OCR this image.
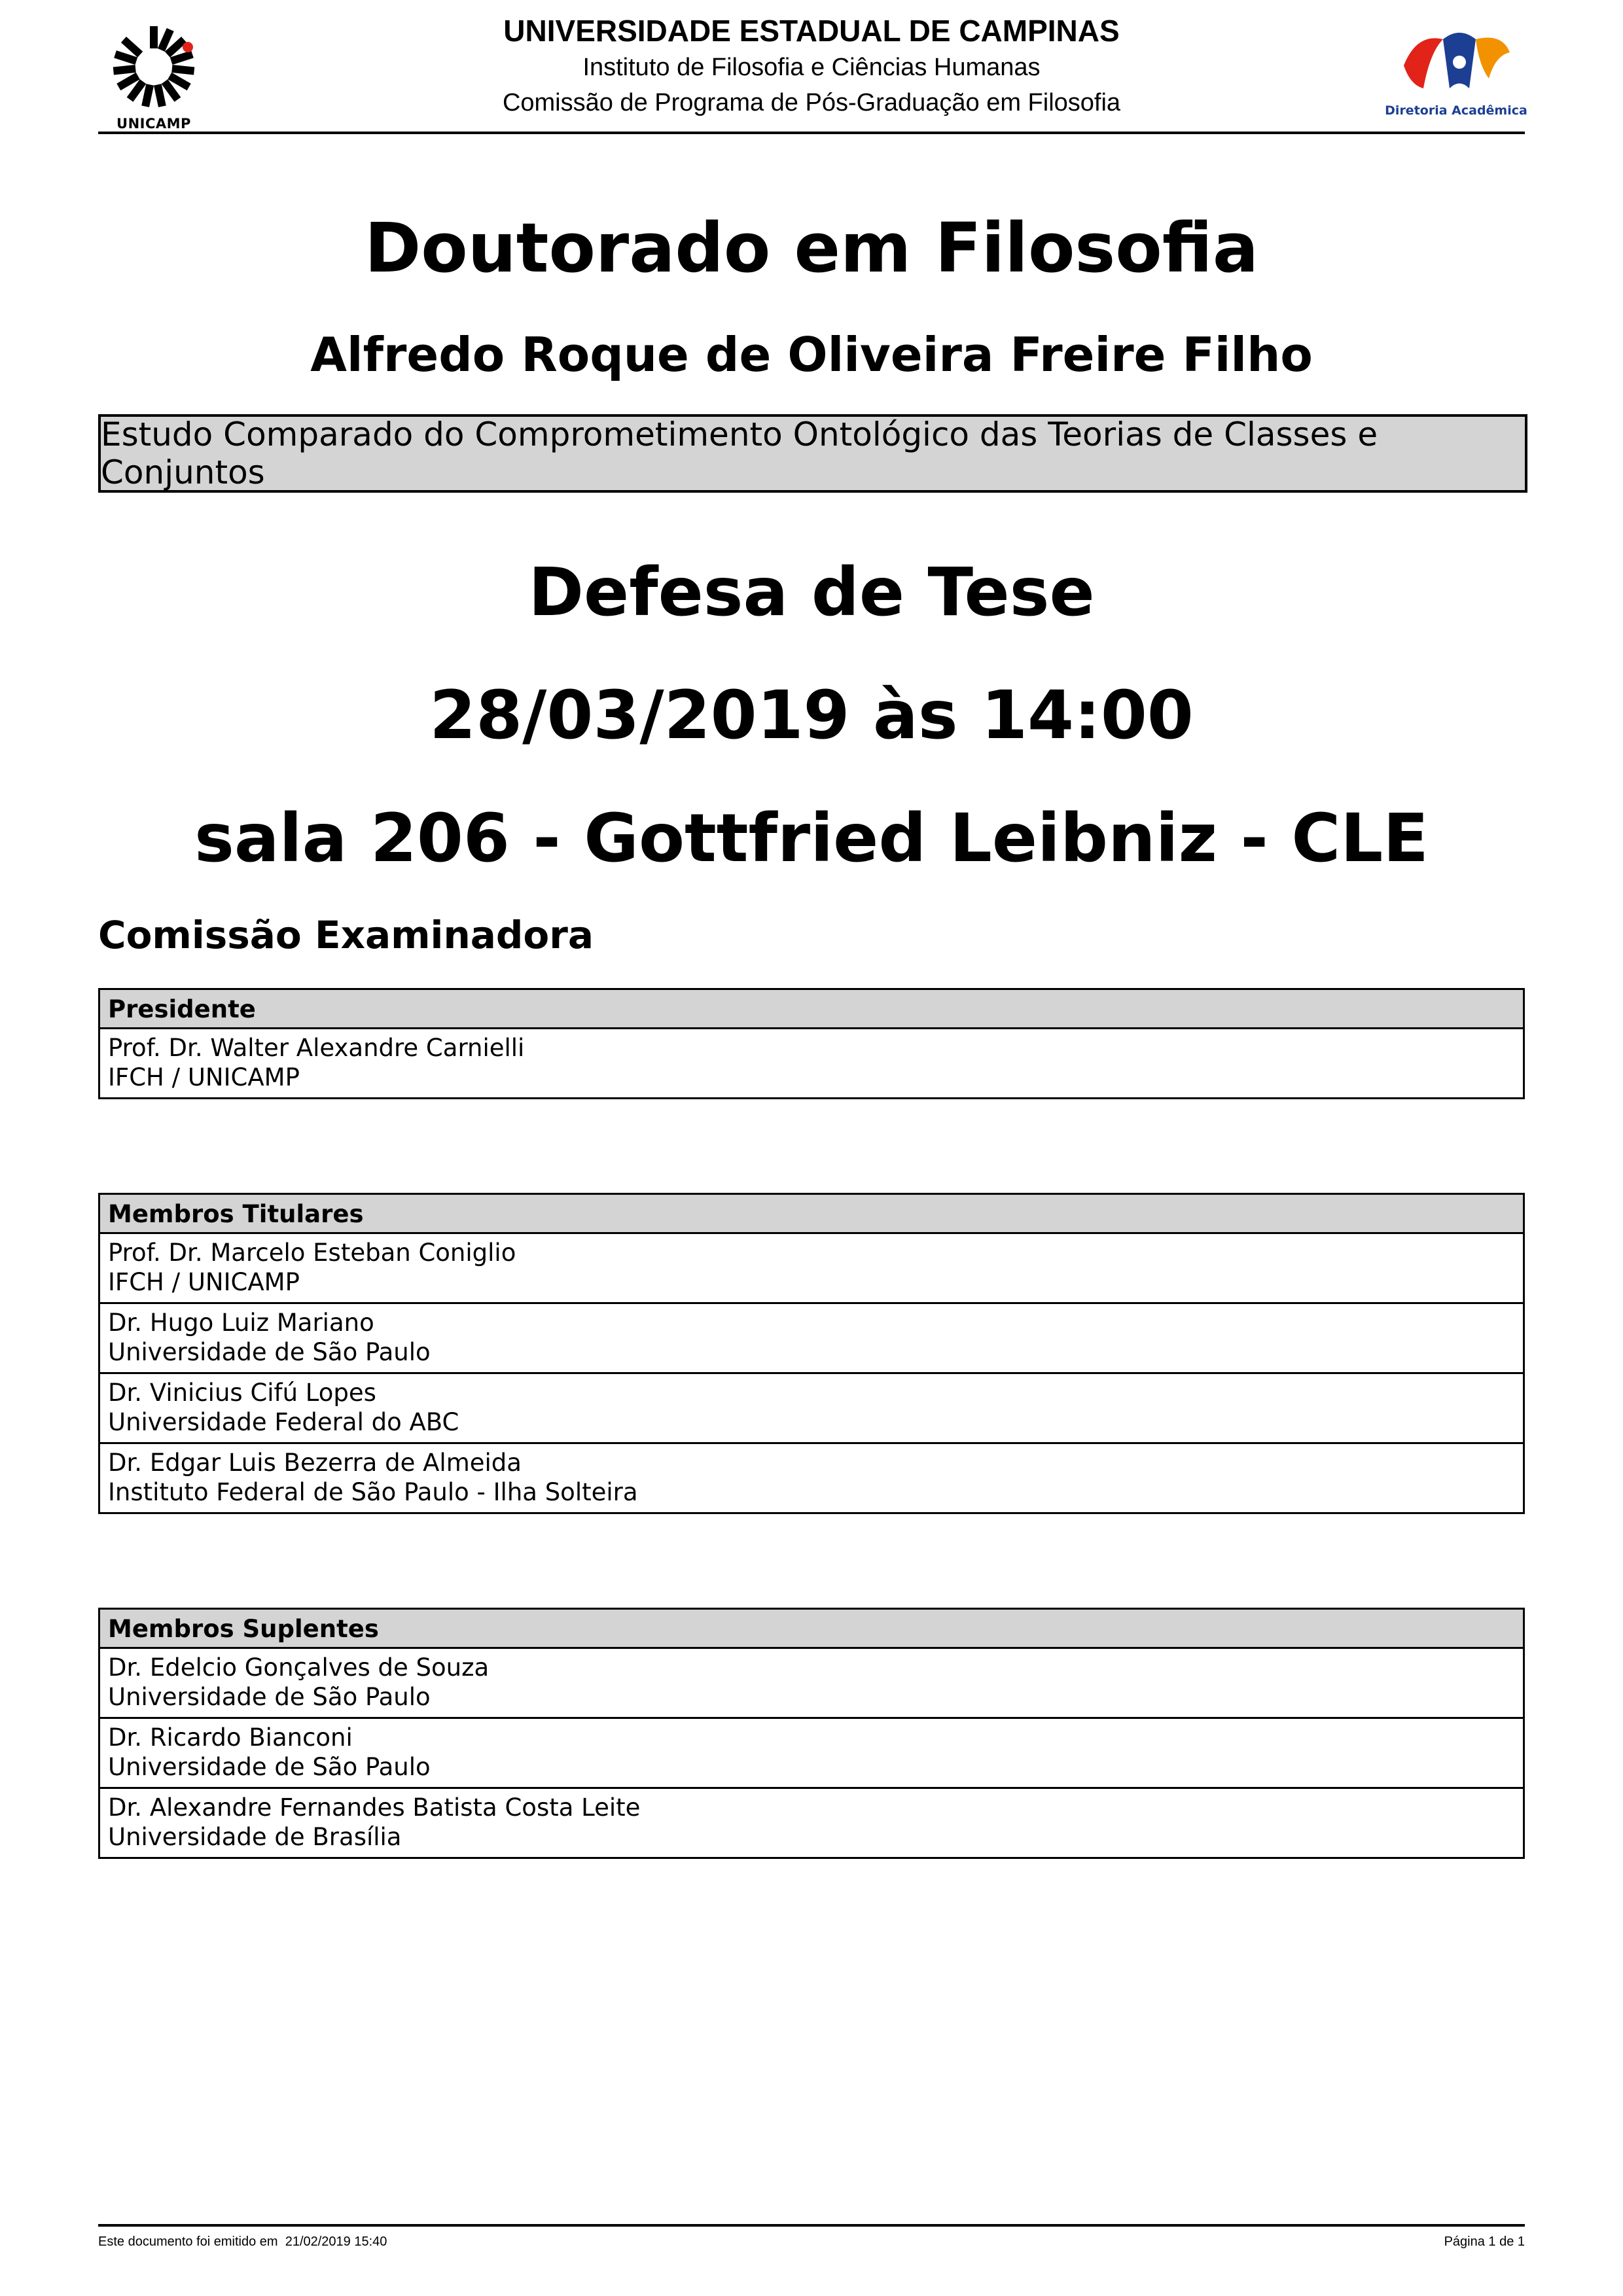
UNICAMP
UNIVERSIDADE ESTADUAL DE CAMPINAS
Instituto de Filosofia e Ciências Humanas
Comissão de Programa de Pós-Graduação em Filosofia	Diretoria Acadêmica
Doutorado em Filosofia
Alfredo Roque de Oliveira Freire Filho
Estudo Comparado do Comprometimento Ontológico das Teorias de Classes e Conjuntos
Defesa de Tese
28/03/2019 às 14:00
sala 206 - Gottfried Leibniz - CLE
Comissão Examinadora
Presidente
Prof. Dr. Walter Alexandre Carnielli
IFCH / UNICAMP
Membros Titulares
Prof. Dr. Marcelo Esteban Coniglio
IFCH / UNICAMP
Dr. Hugo Luiz Mariano
Universidade de São Paulo
Dr. Vinicius Cifú Lopes
Universidade Federal do ABC
Dr. Edgar Luis Bezerra de Almeida
Instituto Federal de São Paulo - Ilha Solteira
Membros Suplentes
Dr. Edelcio Gonçalves de Souza
Universidade de São Paulo
Dr. Ricardo Bianconi
Universidade de São Paulo
Dr. Alexandre Fernandes Batista Costa Leite
Universidade de Brasília
Este documento foi emitido em  21/02/2019 15:40	Página 1 de 1
